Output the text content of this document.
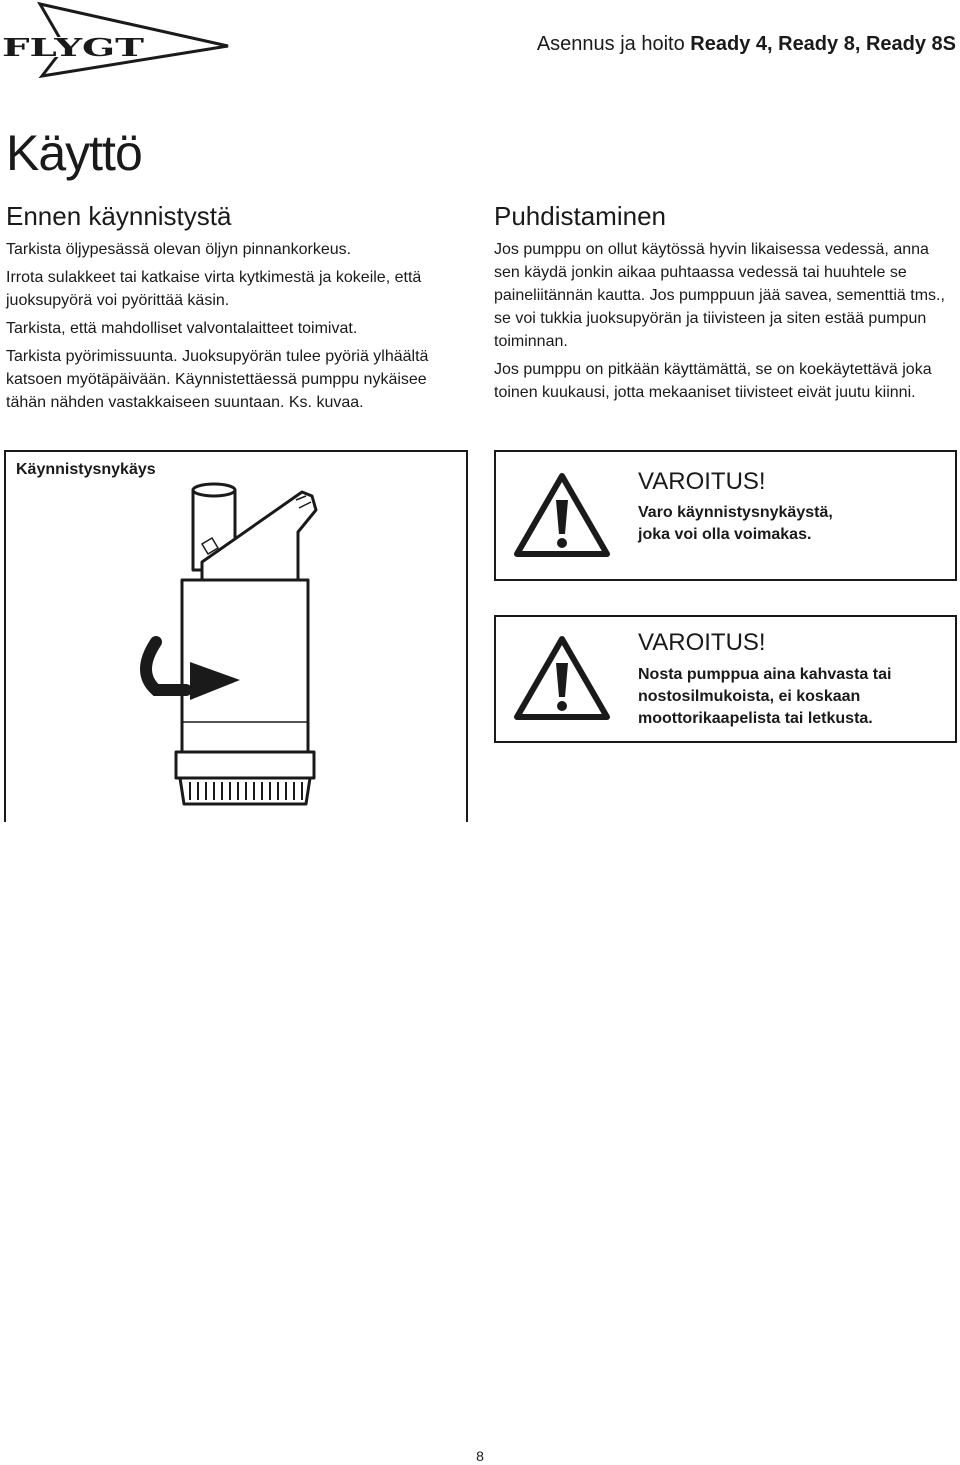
FLYGT	Asennus ja hoito Ready 4, Ready 8, Ready 8S
Käyttö
Ennen käynnistystä

Tarkista öljypesässä olevan öljyn pinnankorkeus.

Irrota sulakkeet tai katkaise virta kytkimestä ja kokeile, että juoksupyörä voi pyörittää käsin.

Tarkista, että mahdolliset valvontalaitteet toimivat.

Tarkista pyörimissuunta. Juoksupyörän tulee pyöriä ylhäältä katsoen myötäpäivään. Käynnistettäessä pumppu nykäisee tähän nähden vastakkaiseen suuntaan. Ks. kuvaa.

Käynnistysnykäys
Puhdistaminen

Jos pumppu on ollut käytössä hyvin likaisessa vedessä, anna sen käydä jonkin aikaa puhtaassa vedessä tai huuhtele se paineliitännän kautta. Jos pumppuun jää savea, sementtiä tms., se voi tukkia juoksupyörän ja tiivisteen ja siten estää pumpun toiminnan.

Jos pumppu on pitkään käyttämättä, se on koekäytettävä joka toinen kuukausi, jotta mekaaniset tiivisteet eivät juutu kiinni.

VAROITUS!
Varo käynnistysnykäystä, joka voi olla voimakas.
VAROITUS!
Nosta pumppua aina kahvasta tai nostosilmukoista, ei koskaan moottorikaapelista tai letkusta.
8
